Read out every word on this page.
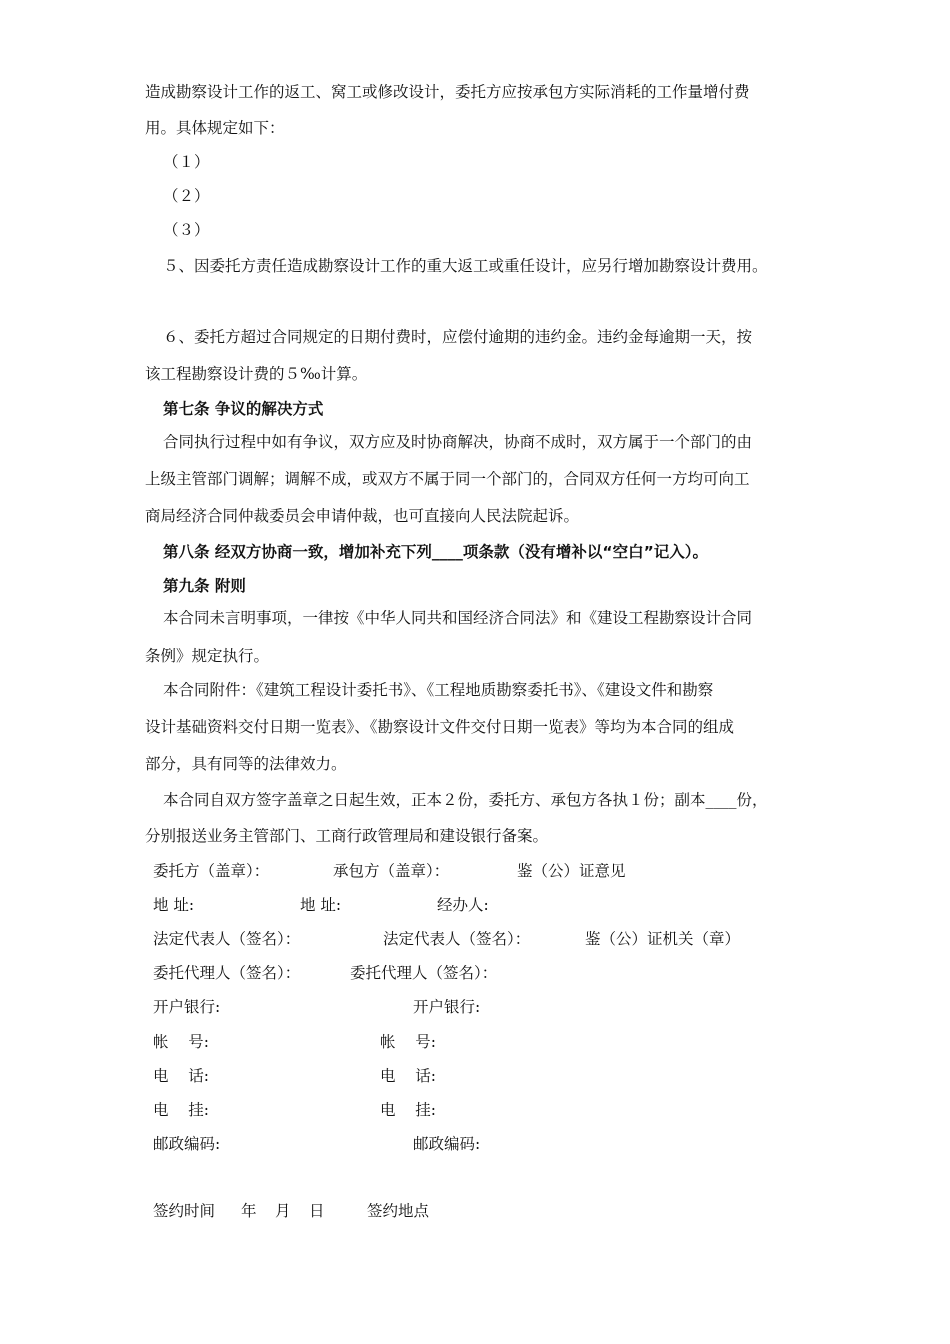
造成勘察设计工作的返工、窝工或修改设计，委托方应按承包方实际消耗的工作量增付费
用。具体规定如下：
（１）
（２）
（３）
５、因委托方责任造成勘察设计工作的重大返工或重任设计，应另行增加勘察设计费用。
６、委托方超过合同规定的日期付费时，应偿付逾期的违约金。违约金每逾期一天，按
该工程勘察设计费的５‰计算。
第七条 争议的解决方式
合同执行过程中如有争议，双方应及时协商解决，协商不成时，双方属于一个部门的由
上级主管部门调解；调解不成，或双方不属于同一个部门的，合同双方任何一方均可向工
商局经济合同仲裁委员会申请仲裁，也可直接向人民法院起诉。
第八条 经双方协商一致，增加补充下列____项条款（没有增补以“空白”记入）。
第九条 附则
本合同未言明事项，一律按《中华人同共和国经济合同法》和《建设工程勘察设计合同
条例》规定执行。
本合同附件：《建筑工程设计委托书》、《工程地质勘察委托书》、《建设文件和勘察
设计基础资料交付日期一览表》、《勘察设计文件交付日期一览表》等均为本合同的组成
部分，具有同等的法律效力。
本合同自双方签字盖章之日起生效，正本２份，委托方、承包方各执１份；副本____份，
分别报送业务主管部门、工商行政管理局和建设银行备案。
委托方（盖章）：	承包方（盖章）：	鉴（公）证意见
地 址:	地 址:	经办人:
法定代表人（签名）：	法定代表人（签名）：	鉴（公）证机关（章）
委托代理人（签名）：	委托代理人（签名）：
开户银行:	开户银行:
帐    号:	帐    号:
电    话:	电    话:
电    挂:	电    挂:
邮政编码:	邮政编码:
签约时间 年 月 日	签约地点
